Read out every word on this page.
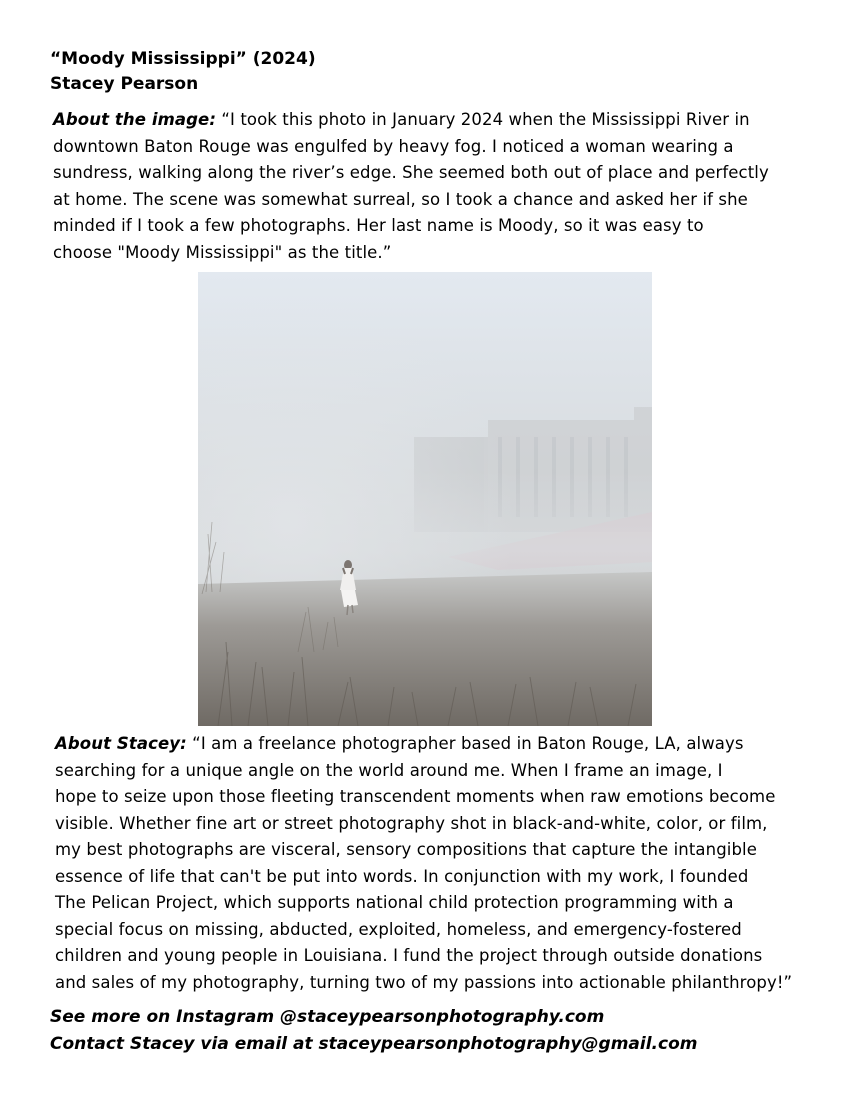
“Moody Mississippi” (2024)
Stacey Pearson
About the image: “I took this photo in January 2024 when the Mississippi River in
downtown Baton Rouge was engulfed by heavy fog. I noticed a woman wearing a
sundress, walking along the river’s edge. She seemed both out of place and perfectly
at home. The scene was somewhat surreal, so I took a chance and asked her if she
minded if I took a few photographs. Her last name is Moody, so it was easy to
choose "Moody Mississippi" as the title.”
About Stacey: “I am a freelance photographer based in Baton Rouge, LA, always
searching for a unique angle on the world around me. When I frame an image, I
hope to seize upon those fleeting transcendent moments when raw emotions become
visible. Whether fine art or street photography shot in black-and-white, color, or film,
my best photographs are visceral, sensory compositions that capture the intangible
essence of life that can't be put into words. In conjunction with my work, I founded
The Pelican Project, which supports national child protection programming with a
special focus on missing, abducted, exploited, homeless, and emergency-fostered
children and young people in Louisiana. I fund the project through outside donations
and sales of my photography, turning two of my passions into actionable philanthropy!”
See more on Instagram @staceypearsonphotography.com
Contact Stacey via email at staceypearsonphotography@gmail.com
